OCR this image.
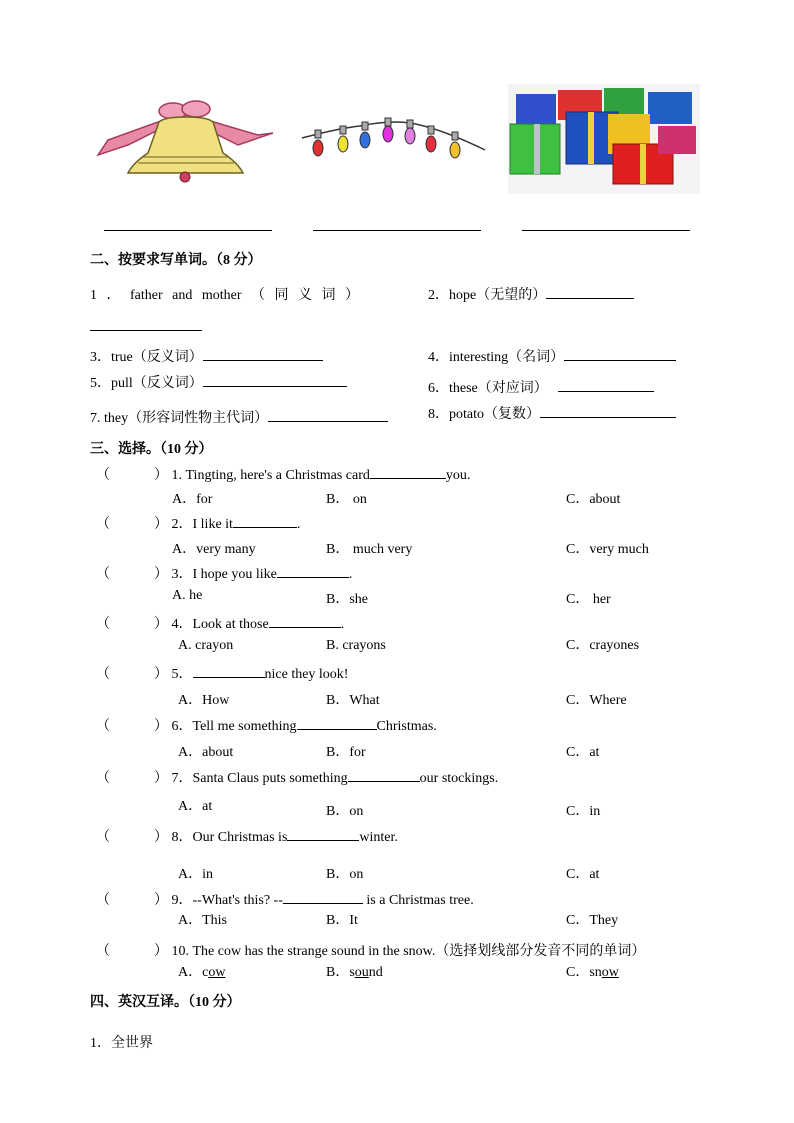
二、按要求写单词。（8 分）
1 ． father and mother （ 同 义 词 ）	2．hope（无望的）
3．true（反义词）	4．interesting（名词）
5．pull（反义词）	6．these（对应词）
7. they（形容词性物主代词）	8．potato（复数）
三、选择。（10 分）
（	） 1. Tingting, here's a Christmas card	you.
A．for	B． on	C．about
（	） 2．I like it	.
A．very many	B． much very	C．very much
（	） 3．I hope you like	.
A. he	B．she	C． her
（	） 4．Look at those	.
A. crayon	B. crayons	C．crayones
（	） 5．	nice they look!
A．How	B．What	C．Where
（	） 6．Tell me something	Christmas.
A．about	B．for	C．at
（	） 7．Santa Claus puts something	our stockings.
A．at	B．on	C．in
（	） 8．Our Christmas is	winter.
A．in	B．on	C．at
（	） 9．--What's this? --	is a Christmas tree.
A．This	B．It	C．They
（	） 10. The cow has the strange sound in the snow.（选择划线部分发音不同的单词）
A．cow	B．sound	C．snow
四、英汉互译。（10 分）
1．全世界
